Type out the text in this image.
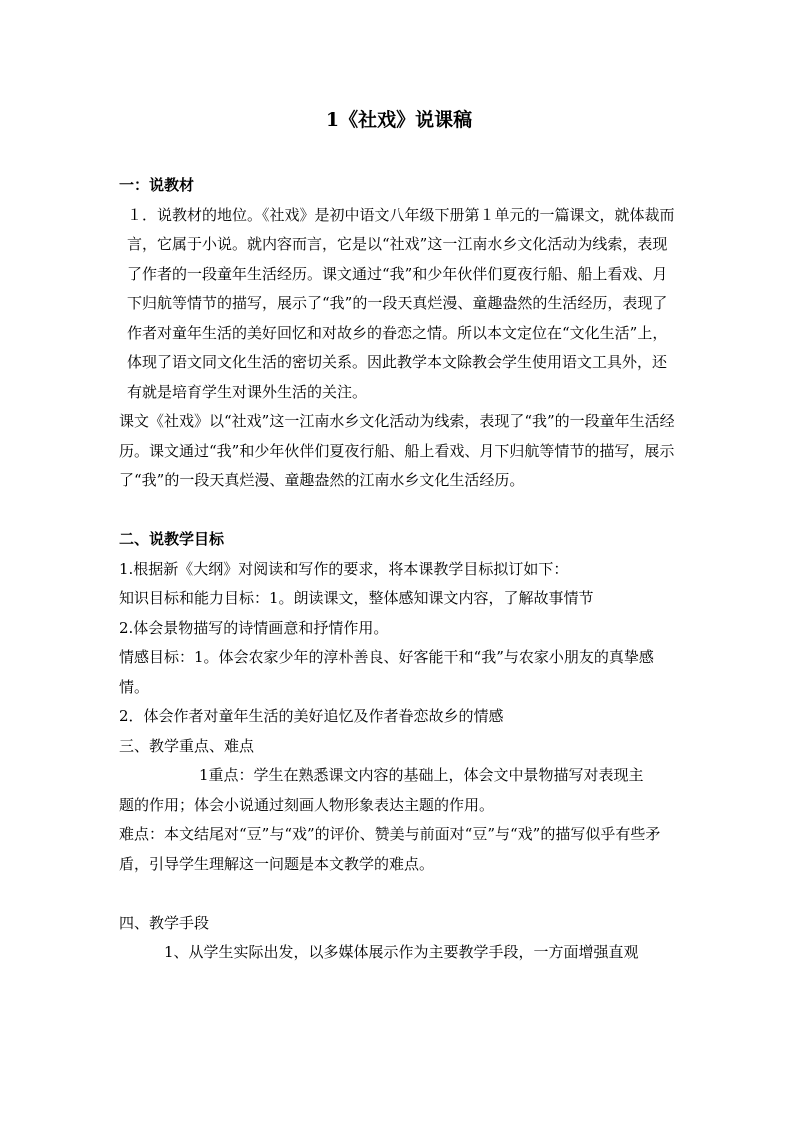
1《社戏》说课稿

一：说教材

１．说教材的地位。《社戏》是初中语文八年级下册第１单元的一篇课文，就体裁而言，它属于小说。就内容而言，它是以“社戏”这一江南水乡文化活动为线索，表现了作者的一段童年生活经历。课文通过“我”和少年伙伴们夏夜行船、船上看戏、月下归航等情节的描写，展示了“我”的一段天真烂漫、童趣盎然的生活经历，表现了作者对童年生活的美好回忆和对故乡的眷恋之情。所以本文定位在“文化生活”上，体现了语文同文化生活的密切关系。因此教学本文除教会学生使用语文工具外，还有就是培育学生对课外生活的关注。

课文《社戏》以“社戏”这一江南水乡文化活动为线索，表现了“我”的一段童年生活经历。课文通过“我”和少年伙伴们夏夜行船、船上看戏、月下归航等情节的描写，展示了“我”的一段天真烂漫、童趣盎然的江南水乡文化生活经历。

二、说教学目标

1.根据新《大纲》对阅读和写作的要求，将本课教学目标拟订如下：

知识目标和能力目标：1。朗读课文，整体感知课文内容，了解故事情节

2.体会景物描写的诗情画意和抒情作用。

情感目标：1。体会农家少年的淳朴善良、好客能干和“我”与农家小朋友的真挚感情。

2．体会作者对童年生活的美好追忆及作者眷恋故乡的情感

三、教学重点、难点

1重点：学生在熟悉课文内容的基础上，体会文中景物描写对表现主

题的作用；体会小说通过刻画人物形象表达主题的作用。

难点：本文结尾对“豆”与“戏”的评价、赞美与前面对“豆”与“戏”的描写似乎有些矛盾，引导学生理解这一问题是本文教学的难点。

四、教学手段

1、从学生实际出发，以多媒体展示作为主要教学手段，一方面增强直观
